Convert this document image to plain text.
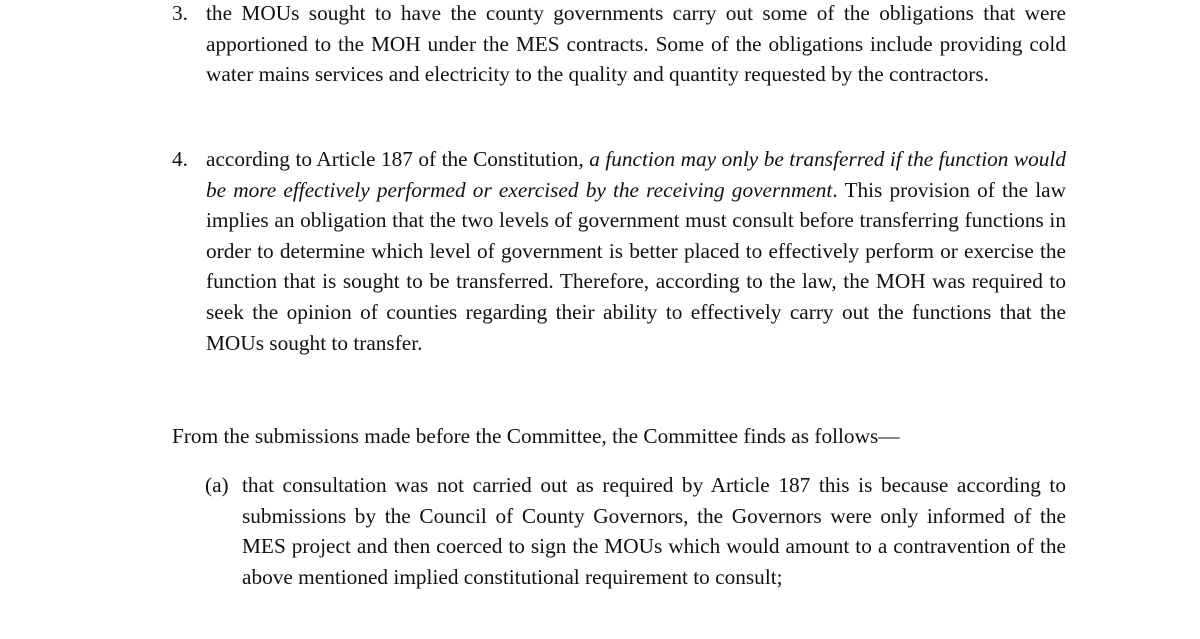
3. the MOUs sought to have the county governments carry out some of the obligations that were apportioned to the MOH under the MES contracts. Some of the obligations include providing cold water mains services and electricity to the quality and quantity requested by the contractors.
4. according to Article 187 of the Constitution, a function may only be transferred if the function would be more effectively performed or exercised by the receiving government. This provision of the law implies an obligation that the two levels of government must consult before transferring functions in order to determine which level of government is better placed to effectively perform or exercise the function that is sought to be transferred. Therefore, according to the law, the MOH was required to seek the opinion of counties regarding their ability to effectively carry out the functions that the MOUs sought to transfer.
From the submissions made before the Committee, the Committee finds as follows—
(a) that consultation was not carried out as required by Article 187 this is because according to submissions by the Council of County Governors, the Governors were only informed of the MES project and then coerced to sign the MOUs which would amount to a contravention of the above mentioned implied constitutional requirement to consult;
